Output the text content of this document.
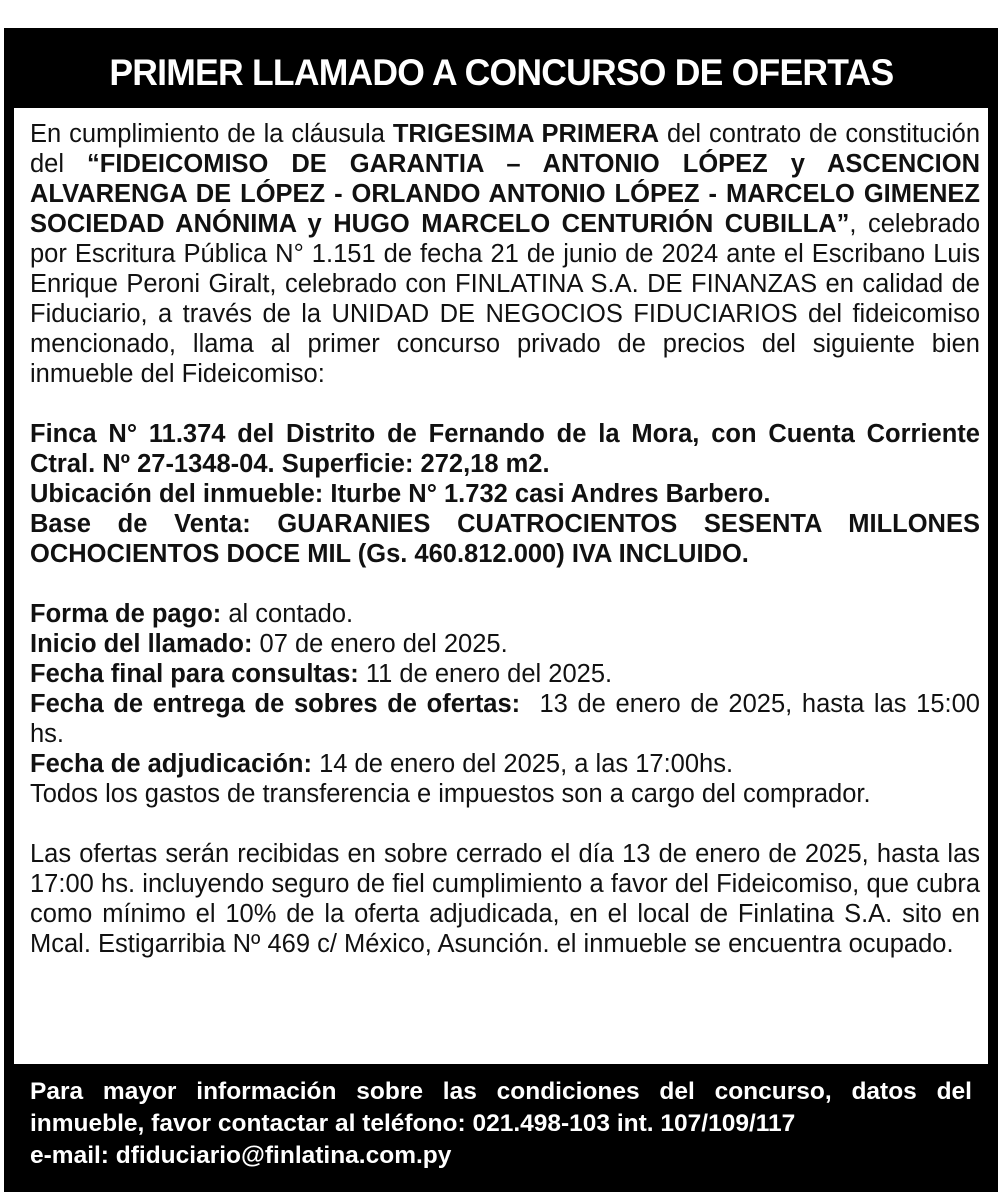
PRIMER LLAMADO A CONCURSO DE OFERTAS

En cumplimiento de la cláusula TRIGESIMA PRIMERA del contrato de constitución del “FIDEICOMISO DE GARANTIA – ANTONIO LÓPEZ y ASCENCION ALVARENGA DE LÓPEZ - ORLANDO ANTONIO LÓPEZ - MARCELO GIMENEZ SOCIEDAD ANÓNIMA y HUGO MARCELO CENTURIÓN CUBILLA”, celebrado por Escritura Pública N° 1.151 de fecha 21 de junio de 2024 ante el Escribano Luis Enrique Peroni Giralt, celebrado con FINLATINA S.A. DE FINANZAS en calidad de Fiduciario, a través de la UNIDAD DE NEGOCIOS FIDUCIARIOS del fideicomiso mencionado, llama al primer concurso privado de precios del siguiente bien inmueble del Fideicomiso:

Finca N° 11.374 del Distrito de Fernando de la Mora, con Cuenta Corriente Ctral. Nº 27-1348-04. Superficie: 272,18 m2.
Ubicación del inmueble: Iturbe N° 1.732 casi Andres Barbero.
Base de Venta: GUARANIES CUATROCIENTOS SESENTA MILLONES OCHOCIENTOS DOCE MIL (Gs. 460.812.000) IVA INCLUIDO.

Forma de pago: al contado.
Inicio del llamado: 07 de enero del 2025.
Fecha final para consultas: 11 de enero del 2025.
Fecha de entrega de sobres de ofertas:  13 de enero de 2025, hasta las 15:00 hs.
Fecha de adjudicación: 14 de enero del 2025, a las 17:00hs.
Todos los gastos de transferencia e impuestos son a cargo del comprador.

Las ofertas serán recibidas en sobre cerrado el día 13 de enero de 2025, hasta las 17:00 hs. incluyendo seguro de fiel cumplimiento a favor del Fideicomiso, que cubra como mínimo el 10% de la oferta adjudicada, en el local de Finlatina S.A. sito en Mcal. Estigarribia Nº 469 c/ México, Asunción. el inmueble se encuentra ocupado.

Para mayor información sobre las condiciones del concurso, datos del inmueble, favor contactar al teléfono: 021.498-103 int. 107/109/117

e-mail: dfiduciario@finlatina.com.py
